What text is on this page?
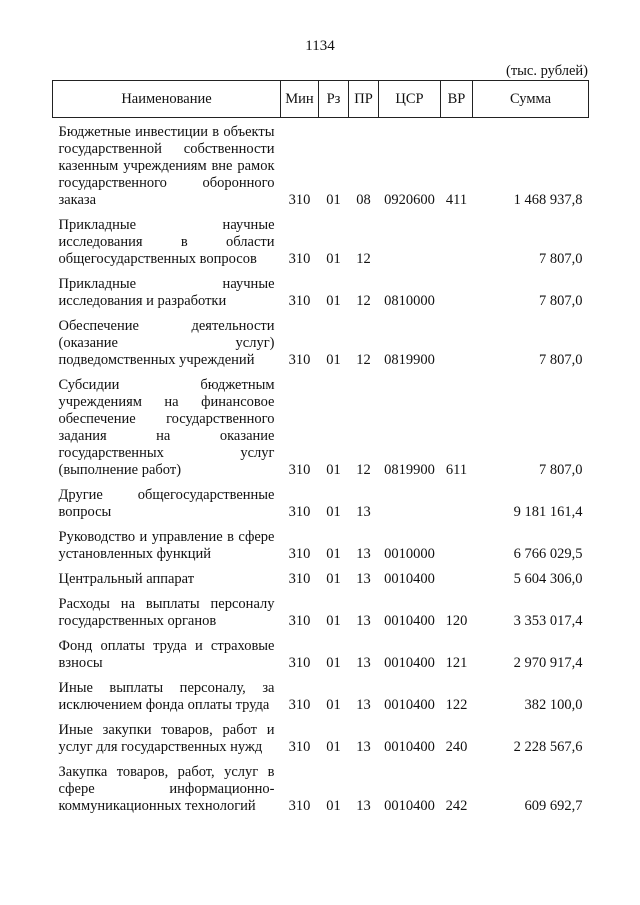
1134
(тыс. рублей)
Наименование	Мин	Рз	ПР	ЦСР	ВР	Сумма
Бюджетные инвестиции в объекты государственной собственности казенным учреждениям вне рамок государственного оборонного заказа	310	01	08	0920600	411	1 468 937,8
Прикладные научные исследования в области общегосударственных вопросов	310	01	12			7 807,0
Прикладные научные исследования и разработки	310	01	12	0810000		7 807,0
Обеспечение деятельности (оказание услуг) подведомственных учреждений	310	01	12	0819900		7 807,0
Субсидии бюджетным учреждениям на финансовое обеспечение государственного задания на оказание государственных услуг (выполнение работ)	310	01	12	0819900	611	7 807,0
Другие общегосударственные вопросы	310	01	13			9 181 161,4
Руководство и управление в сфере установленных функций	310	01	13	0010000		6 766 029,5
Центральный аппарат	310	01	13	0010400		5 604 306,0
Расходы на выплаты персоналу государственных органов	310	01	13	0010400	120	3 353 017,4
Фонд оплаты труда и страховые взносы	310	01	13	0010400	121	2 970 917,4
Иные выплаты персоналу, за исключением фонда оплаты труда	310	01	13	0010400	122	382 100,0
Иные закупки товаров, работ и услуг для государственных нужд	310	01	13	0010400	240	2 228 567,6
Закупка товаров, работ, услуг в сфере информационно-коммуникационных технологий	310	01	13	0010400	242	609 692,7
